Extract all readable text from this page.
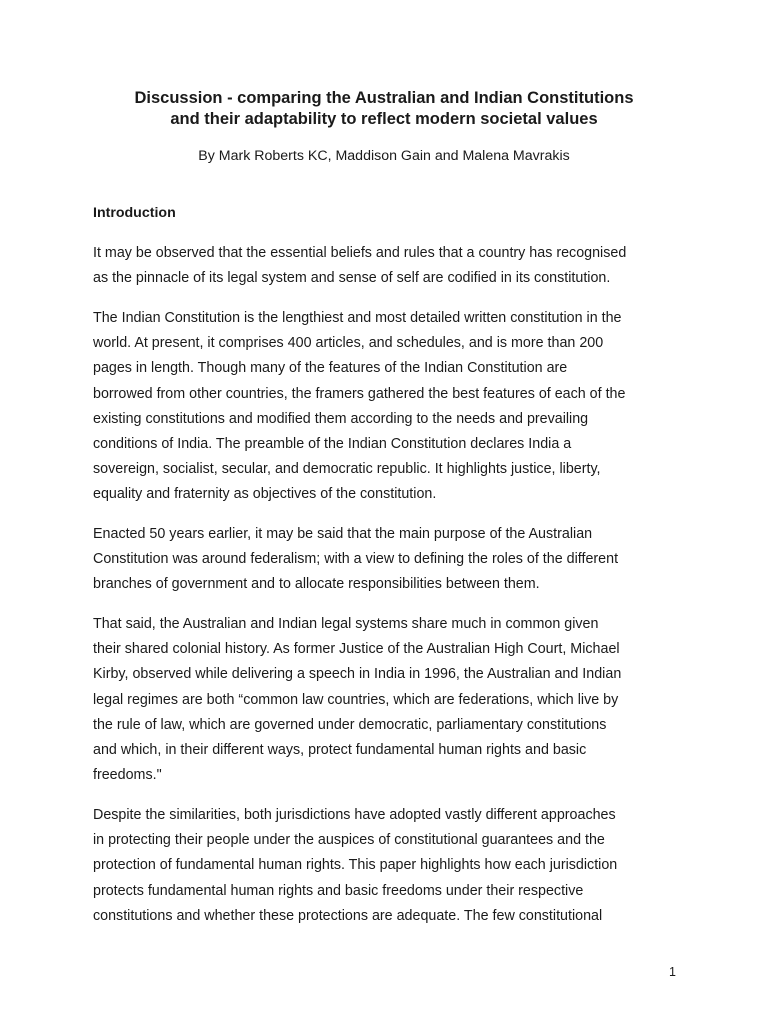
Discussion - comparing the Australian and Indian Constitutions
and their adaptability to reflect modern societal values

By Mark Roberts KC, Maddison Gain and Malena Mavrakis

Introduction

It may be observed that the essential beliefs and rules that a country has recognised
as the pinnacle of its legal system and sense of self are codified in its constitution.

The Indian Constitution is the lengthiest and most detailed written constitution in the
world. At present, it comprises 400 articles, and schedules, and is more than 200
pages in length. Though many of the features of the Indian Constitution are
borrowed from other countries, the framers gathered the best features of each of the
existing constitutions and modified them according to the needs and prevailing
conditions of India. The preamble of the Indian Constitution declares India a
sovereign, socialist, secular, and democratic republic. It highlights justice, liberty,
equality and fraternity as objectives of the constitution.

Enacted 50 years earlier, it may be said that the main purpose of the Australian
Constitution was around federalism; with a view to defining the roles of the different
branches of government and to allocate responsibilities between them.

That said, the Australian and Indian legal systems share much in common given
their shared colonial history. As former Justice of the Australian High Court, Michael
Kirby, observed while delivering a speech in India in 1996, the Australian and Indian
legal regimes are both “common law countries, which are federations, which live by
the rule of law, which are governed under democratic, parliamentary constitutions
and which, in their different ways, protect fundamental human rights and basic
freedoms."

Despite the similarities, both jurisdictions have adopted vastly different approaches
in protecting their people under the auspices of constitutional guarantees and the
protection of fundamental human rights. This paper highlights how each jurisdiction
protects fundamental human rights and basic freedoms under their respective
constitutions and whether these protections are adequate. The few constitutional

1
